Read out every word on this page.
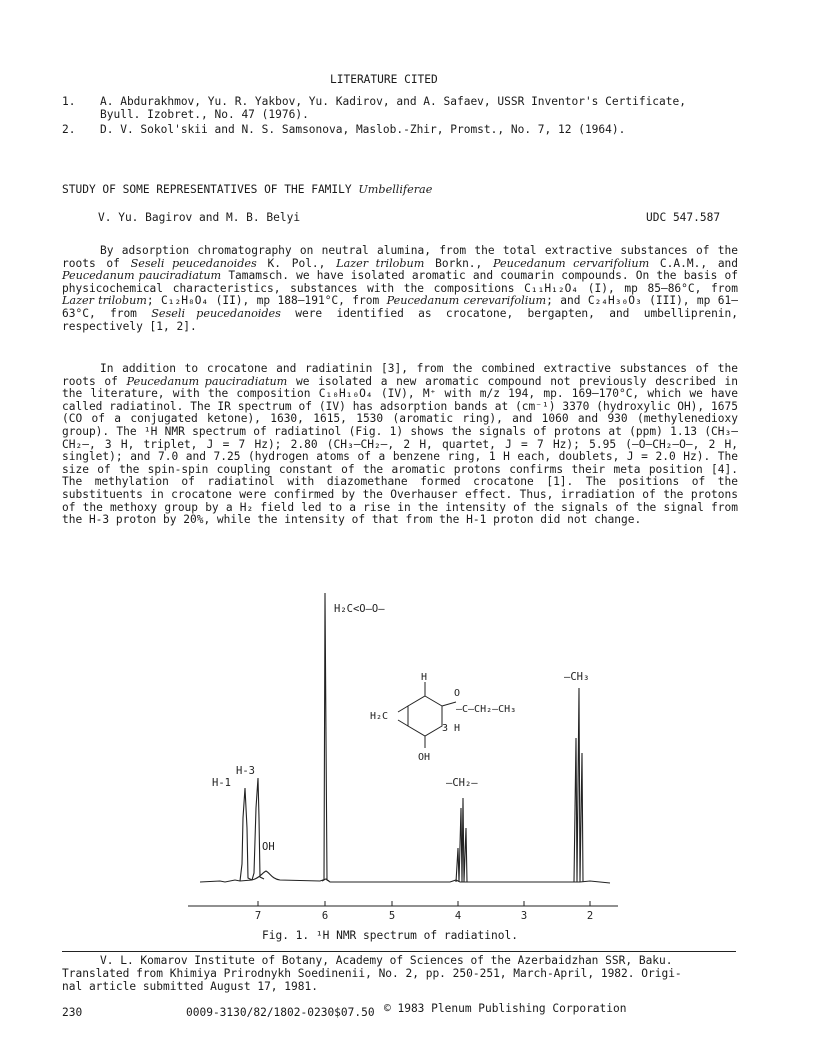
LITERATURE CITED
1. A. Abdurakhmov, Yu. R. Yakbov, Yu. Kadirov, and A. Safaev, USSR Inventor's Certificate,
Byull. Izobret., No. 47 (1976).
2. D. V. Sokol'skii and N. S. Samsonova, Maslob.-Zhir, Promst., No. 7, 12 (1964).
STUDY OF SOME REPRESENTATIVES OF THE FAMILY Umbelliferae
V. Yu. Bagirov and M. B. Belyi	UDC 547.587
By adsorption chromatography on neutral alumina, from the total extractive substances of the roots of Seseli peucedanoides K. Pol., Lazer trilobum Borkn., Peucedanum cervarifolium C.A.M., and Peucedanum pauciradiatum Tamamsch. we have isolated aromatic and coumarin compounds. On the basis of physicochemical characteristics, substances with the compositions C₁₁H₁₂O₄ (I), mp 85–86°C, from Lazer trilobum; C₁₂H₈O₄ (II), mp 188–191°C, from Peucedanum cerevarifolium; and C₂₄H₃₀O₃ (III), mp 61–63°C, from Seseli peucedanoides were identified as crocatone, bergapten, and umbelliprenin, respectively [1, 2].
In addition to crocatone and radiatinin [3], from the combined extractive substances of the roots of Peucedanum pauciradiatum we isolated a new aromatic compound not previously described in the literature, with the composition C₁₀H₁₀O₄ (IV), M⁺ with m/z 194, mp. 169–170°C, which we have called radiatinol. The IR spectrum of (IV) has adsorption bands at (cm⁻¹) 3370 (hydroxylic OH), 1675 (CO of a conjugated ketone), 1630, 1615, 1530 (aromatic ring), and 1060 and 930 (methylenedioxy group). The ¹H NMR spectrum of radiatinol (Fig. 1) shows the signals of protons at (ppm) 1.13 (CH₃–CH₂–, 3 H, triplet, J = 7 Hz); 2.80 (CH₃–CH₂–, 2 H, quartet, J = 7 Hz); 5.95 (–O–CH₂–O–, 2 H, singlet); and 7.0 and 7.25 (hydrogen atoms of a benzene ring, 1 H each, doublets, J = 2.0 Hz). The size of the spin-spin coupling constant of the aromatic protons confirms their meta position [4]. The methylation of radiatinol with diazomethane formed crocatone [1]. The positions of the substituents in crocatone were confirmed by the Overhauser effect. Thus, irradiation of the protons of the methoxy group by a H₂ field led to a rise in the intensity of the signals of the signal from the H-3 proton by 20%, while the intensity of that from the H-1 proton did not change.
7	6	5	4	3	2
H₂C<O–O–
H-1
H-3
OH
–CH₂–
–CH₃
H
O
–C–CH₂–CH₃
3 H
OH
H₂C
Fig. 1. ¹H NMR spectrum of radiatinol.
V. L. Komarov Institute of Botany, Academy of Sciences of the Azerbaidzhan SSR, Baku.
Translated from Khimiya Prirodnykh Soedinenii, No. 2, pp. 250-251, March-April, 1982. Origi-
nal article submitted August 17, 1981.
230	0009-3130/82/1802-0230$07.50 © 1983 Plenum Publishing Corporation
